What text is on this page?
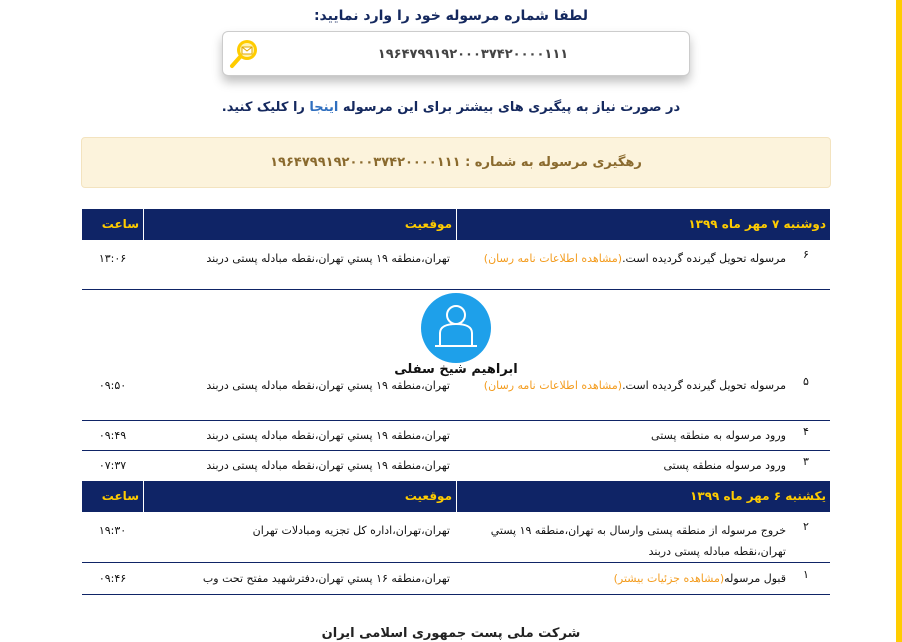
لطفا شماره مرسوله خود را وارد نمایید:
۱۹۶۴۷۹۹۱۹۲۰۰۰۳۷۴۲۰۰۰۰۱۱۱
در صورت نیاز به پیگیری های بیشتر برای این مرسوله اینجا را کلیک کنید.
رهگیری مرسوله به شماره : ۱۹۶۴۷۹۹۱۹۲۰۰۰۳۷۴۲۰۰۰۰۱۱۱
دوشنبه ۷ مهر ماه ۱۳۹۹
موقعیت
ساعت
۶
مرسوله تحویل گیرنده گردیده است.(مشاهده اطلاعات نامه رسان)
تهران،منطقه ۱۹ پستي تهران،نقطه مبادله پستی دربند
۱۳:۰۶
ابراهیم شیخ سفلی
۵
مرسوله تحویل گیرنده گردیده است.(مشاهده اطلاعات نامه رسان)
تهران،منطقه ۱۹ پستي تهران،نقطه مبادله پستی دربند
۰۹:۵۰
۴
ورود مرسوله به منطقه پستی
تهران،منطقه ۱۹ پستي تهران،نقطه مبادله پستی دربند
۰۹:۴۹
۳
ورود مرسوله منطقه پستی
تهران،منطقه ۱۹ پستي تهران،نقطه مبادله پستی دربند
۰۷:۳۷
یکشنبه ۶ مهر ماه ۱۳۹۹
موقعیت
ساعت
۲
خروج مرسوله از منطقه پستی وارسال به تهران،منطقه ۱۹ پستي تهران،نقطه مبادله پستی دربند
تهران،تهران،اداره کل تجزیه ومبادلات تهران
۱۹:۳۰
۱
قبول مرسوله(مشاهده جزئیات بیشتر)
تهران،منطقه ۱۶ پستي تهران،دفترشهید مفتح تحت وب
۰۹:۴۶
شرکت ملی پست جمهوری اسلامی ایران
